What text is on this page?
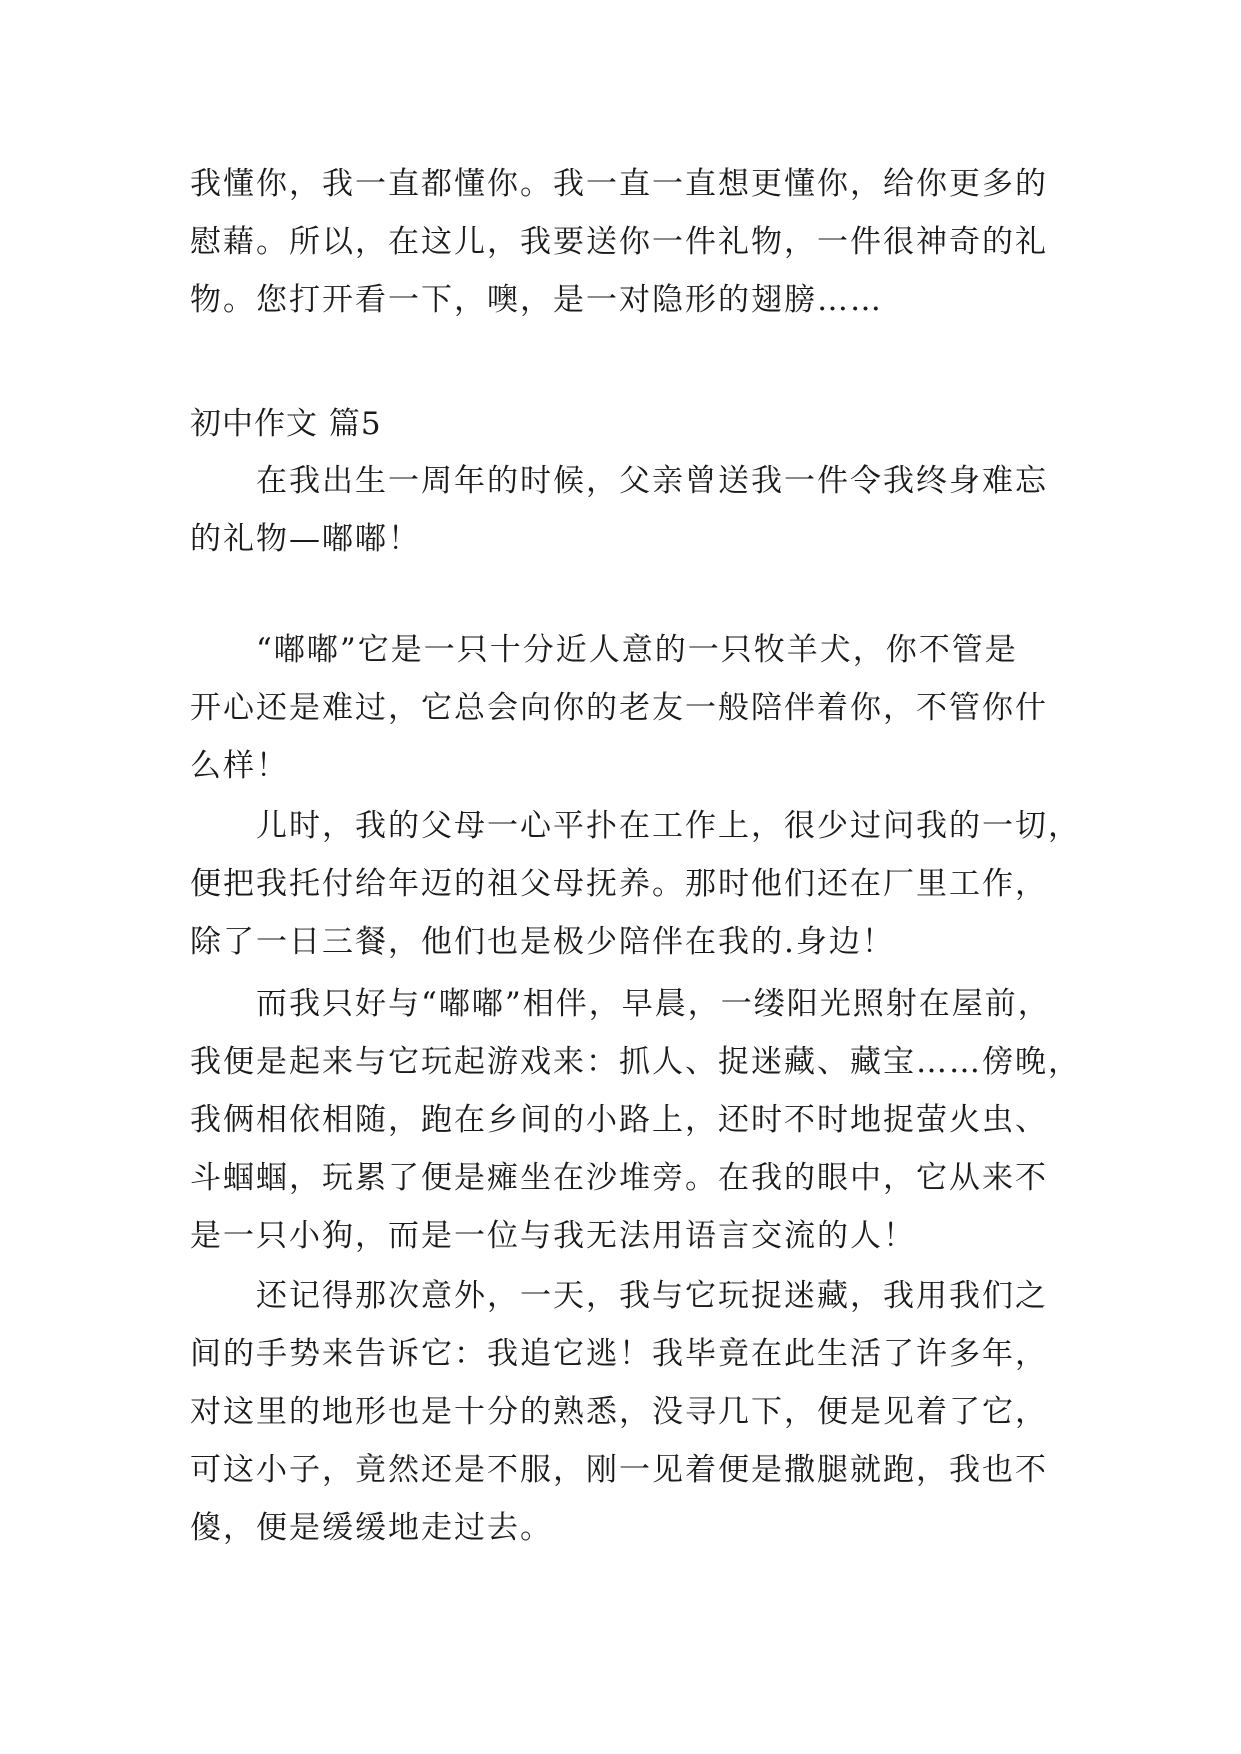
我懂你，我一直都懂你。我一直一直想更懂你，给你更多的
慰藉。所以，在这儿，我要送你一件礼物，一件很神奇的礼
物。您打开看一下，噢，是一对隐形的翅膀……
初中作文 篇5
在我出生一周年的时候，父亲曾送我一件令我终身难忘
的礼物—嘟嘟！
“嘟嘟”它是一只十分近人意的一只牧羊犬，你不管是
开心还是难过，它总会向你的老友一般陪伴着你，不管你什
么样！
儿时，我的父母一心平扑在工作上，很少过问我的一切，
便把我托付给年迈的祖父母抚养。那时他们还在厂里工作，
除了一日三餐，他们也是极少陪伴在我的.身边！
而我只好与“嘟嘟”相伴，早晨，一缕阳光照射在屋前，
我便是起来与它玩起游戏来：抓人、捉迷藏、藏宝……傍晚，
我俩相依相随，跑在乡间的小路上，还时不时地捉萤火虫、
斗蝈蝈，玩累了便是瘫坐在沙堆旁。在我的眼中，它从来不
是一只小狗，而是一位与我无法用语言交流的人！
还记得那次意外，一天，我与它玩捉迷藏，我用我们之
间的手势来告诉它：我追它逃！我毕竟在此生活了许多年，
对这里的地形也是十分的熟悉，没寻几下，便是见着了它，
可这小子，竟然还是不服，刚一见着便是撒腿就跑，我也不
傻，便是缓缓地走过去。
